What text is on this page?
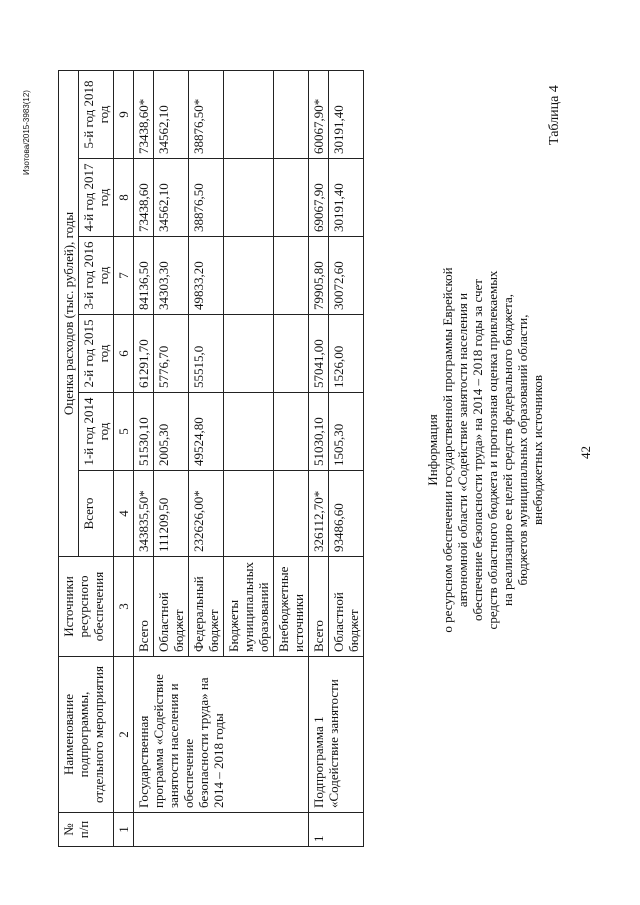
42
Таблица 4
Информация о ресурсном обеспечении государственной программы Еврейской автономной области «Содействие занятости населения и обеспечение безопасности труда» на 2014 – 2018 годы за счет средств областного бюджета и прогнозная оценка привлекаемых на реализацию ее целей средств федерального бюджета, бюджетов муниципальных образований области, внебюджетных источников
№ п/п	Наименование подпрограммы, отдельного мероприятия	Источники ресурсного обеспечения	Оценка расходов (тыс. рублей), годы					
			Всего	1-й год 2014 год	2-й год 2015 год	3-й год 2016 год	4-й год 2017 год	5-й год 2018 год
1	2	3	4	5	6	7	8	9
	Государственная программа «Содействие занятости населения и обеспечение безопасности труда» на 2014 – 2018 годы	Всего	343835,50*	51530,10	61291,70	84136,50	73438,60	73438,60*
		Областной бюджет	111209,50	2005,30	5776,70	34303,30	34562,10	34562,10
		Федеральный бюджет	232626,00*	49524,80	55515,0	49833,20	38876,50	38876,50*
		Бюджеты муниципальных образований						
		Внебюджетные источники						
1	Подпрограмма 1 «Содействие занятости	Всего	326112,70*	51030,10	57041,00	79905,80	69067,90	60067,90*
		Областной бюджет	93486,60	1505,30	1526,00	30072,60	30191,40	30191,40
Изотова/2015-3983(12)
